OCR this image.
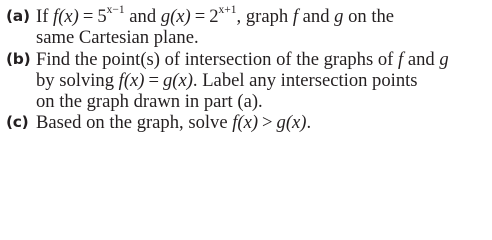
(a) If $f(x) = 5^{x-1}$ and $g(x) = 2^{x+1}$, graph f and g on the
same Cartesian plane.
(b) Find the point(s) of intersection of the graphs of f and g
by solving f(x) = g(x). Label any intersection points
on the graph drawn in part (a).
(c) Based on the graph, solve f(x) > g(x).
